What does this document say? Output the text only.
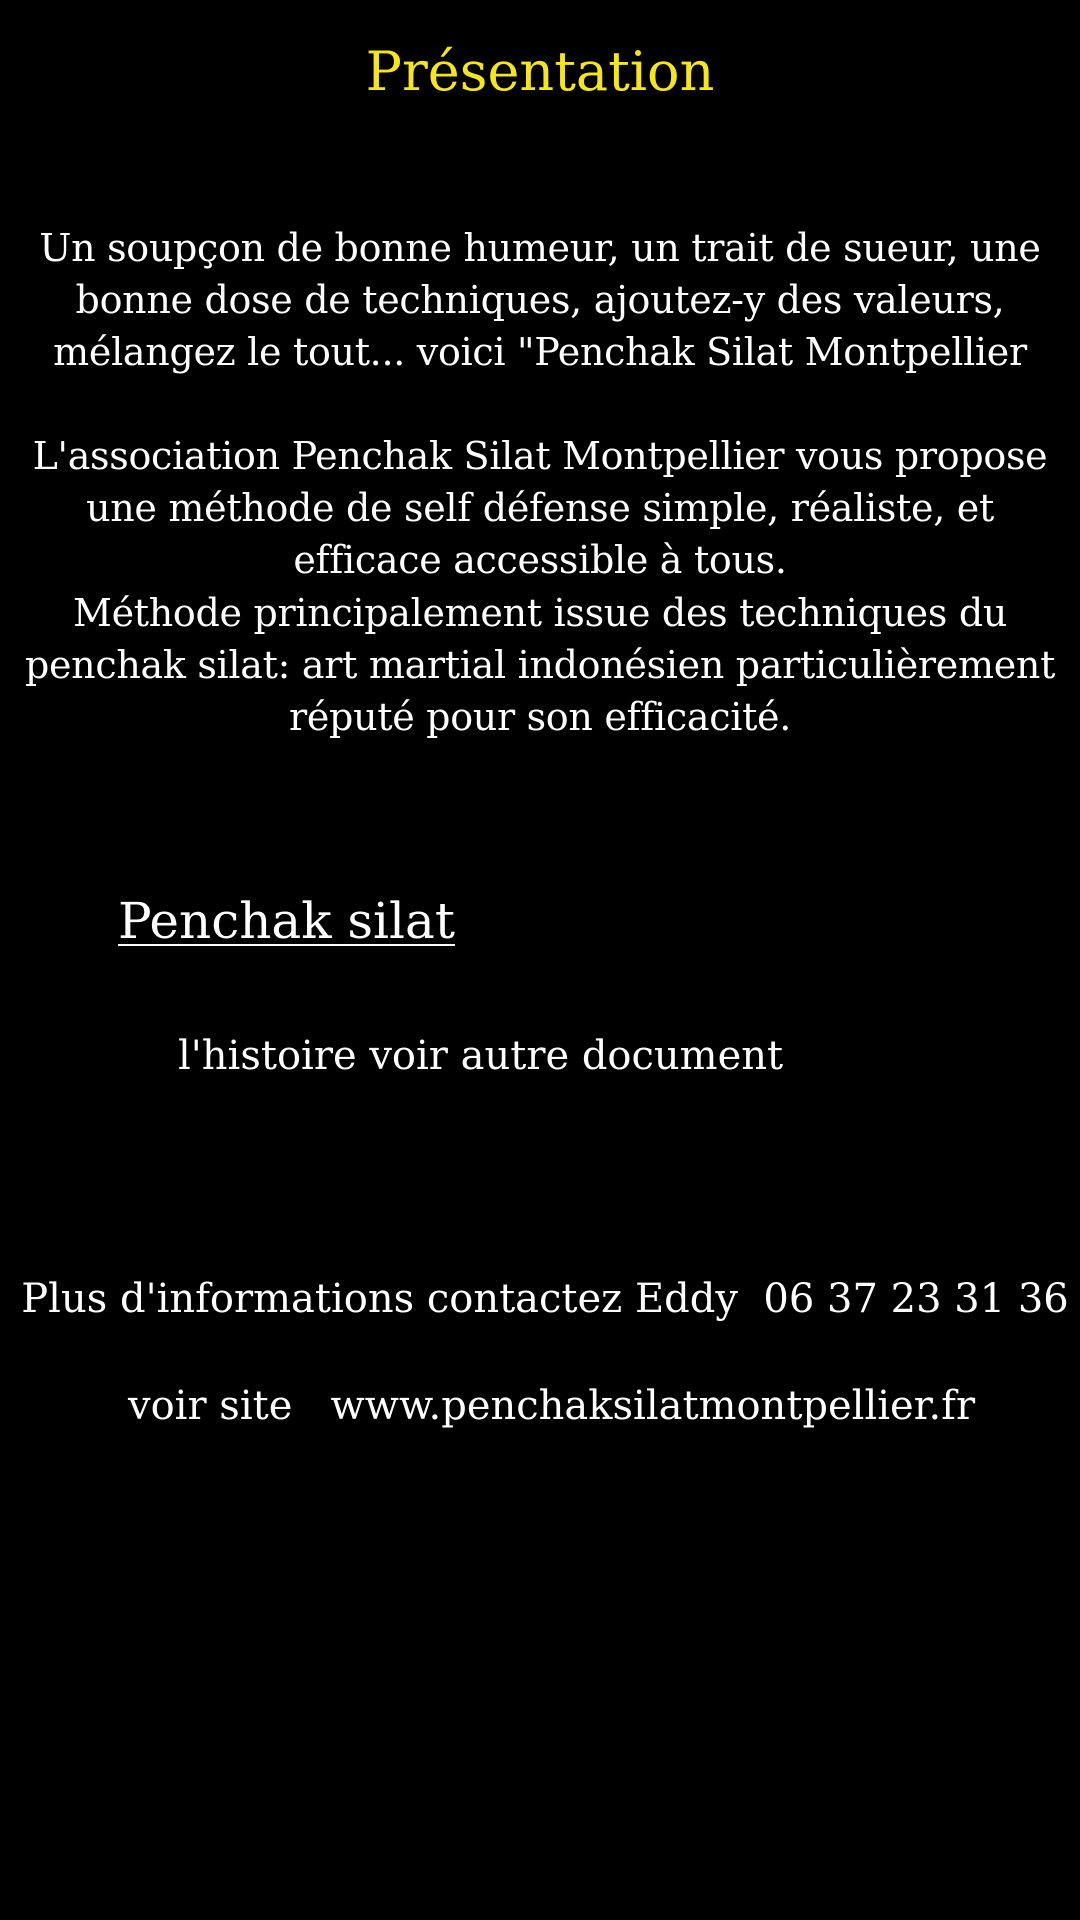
Présentation

Un soupçon de bonne humeur, un trait de sueur, une
bonne dose de techniques, ajoutez-y des valeurs,
mélangez le tout... voici "Penchak Silat Montpellier

L'association Penchak Silat Montpellier vous propose
une méthode de self défense simple, réaliste, et
efficace accessible à tous.

Méthode principalement issue des techniques du
penchak silat: art martial indonésien particulièrement
réputé pour son efficacité.

Penchak silat
l'histoire voir autre document
Plus d'informations contactez Eddy  06 37 23 31 36
voir site   www.penchaksilatmontpellier.fr
